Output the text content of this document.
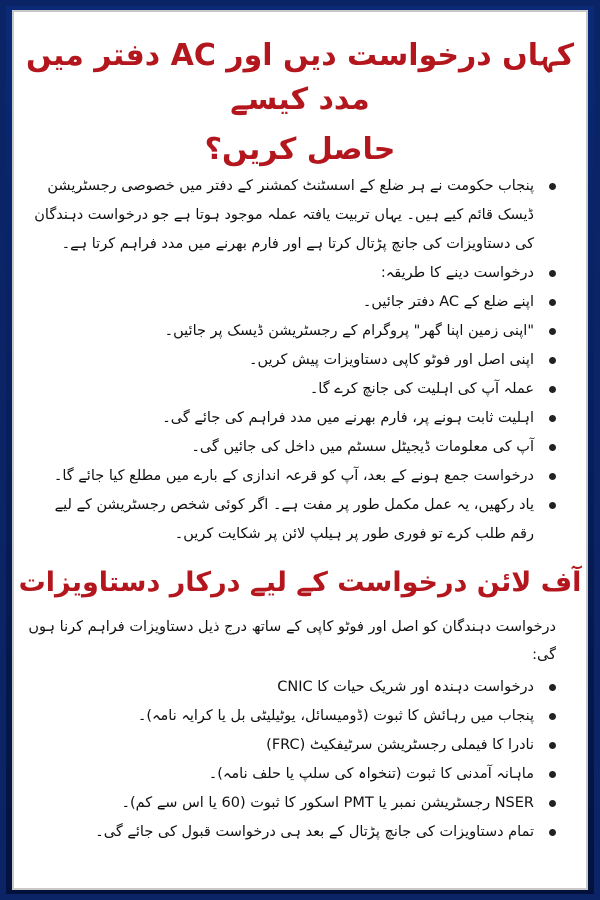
کہاں درخواست دیں اور AC دفتر میں مدد کیسے
حاصل کریں؟
پنجاب حکومت نے ہر ضلع کے اسسٹنٹ کمشنر کے دفتر میں خصوصی رجسٹریشن ڈیسک قائم کیے ہیں۔ یہاں تربیت یافتہ عملہ موجود ہوتا ہے جو درخواست دہندگان کی دستاویزات کی جانچ پڑتال کرتا ہے اور فارم بھرنے میں مدد فراہم کرتا ہے۔
درخواست دینے کا طریقہ:
اپنے ضلع کے AC دفتر جائیں۔
"اپنی زمین اپنا گھر" پروگرام کے رجسٹریشن ڈیسک پر جائیں۔
اپنی اصل اور فوٹو کاپی دستاویزات پیش کریں۔
عملہ آپ کی اہلیت کی جانچ کرے گا۔
اہلیت ثابت ہونے پر، فارم بھرنے میں مدد فراہم کی جائے گی۔
آپ کی معلومات ڈیجیٹل سسٹم میں داخل کی جائیں گی۔
درخواست جمع ہونے کے بعد، آپ کو قرعہ اندازی کے بارے میں مطلع کیا جائے گا۔
یاد رکھیں، یہ عمل مکمل طور پر مفت ہے۔ اگر کوئی شخص رجسٹریشن کے لیے رقم طلب کرے تو فوری طور پر ہیلپ لائن پر شکایت کریں۔
آف لائن درخواست کے لیے درکار دستاویزات

درخواست دہندگان کو اصل اور فوٹو کاپی کے ساتھ درج ذیل دستاویزات فراہم کرنا ہوں گی:

درخواست دہندہ اور شریک حیات کا CNIC
پنجاب میں رہائش کا ثبوت (ڈومیسائل، یوٹیلیٹی بل یا کرایہ نامہ)۔
نادرا کا فیملی رجسٹریشن سرٹیفکیٹ (FRC)
ماہانہ آمدنی کا ثبوت (تنخواہ کی سلپ یا حلف نامہ)۔
NSER رجسٹریشن نمبر یا PMT اسکور کا ثبوت (60 یا اس سے کم)۔
تمام دستاویزات کی جانچ پڑتال کے بعد ہی درخواست قبول کی جائے گی۔
